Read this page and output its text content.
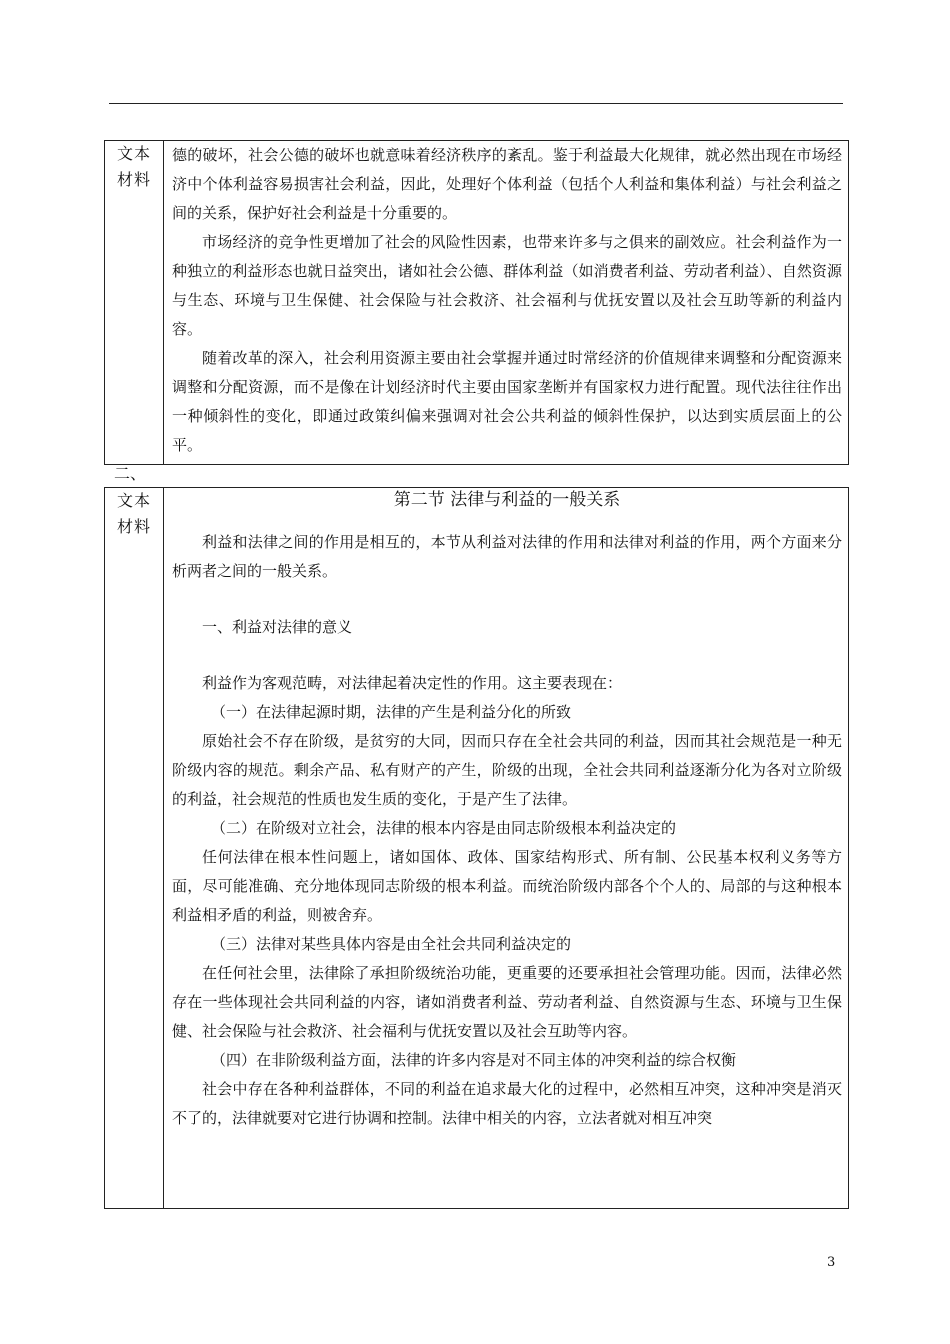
文本材料	

德的破坏，社会公德的破坏也就意味着经济秩序的紊乱。鉴于利益最大化规律，就必然出现在市场经济中个体利益容易损害社会利益，因此，处理好个体利益（包括个人利益和集体利益）与社会利益之间的关系，保护好社会利益是十分重要的。

市场经济的竞争性更增加了社会的风险性因素，也带来许多与之俱来的副效应。社会利益作为一种独立的利益形态也就日益突出，诸如社会公德、群体利益（如消费者利益、劳动者利益）、自然资源与生态、环境与卫生保健、社会保险与社会救济、社会福利与优抚安置以及社会互助等新的利益内容。

随着改革的深入，社会利用资源主要由社会掌握并通过时常经济的价值规律来调整和分配资源来调整和分配资源，而不是像在计划经济时代主要由国家垄断并有国家权力进行配置。现代法往往作出一种倾斜性的变化，即通过政策纠偏来强调对社会公共利益的倾斜性保护，以达到实质层面上的公平。

二、
文本材料	

第二节 法律与利益的一般关系

利益和法律之间的作用是相互的，本节从利益对法律的作用和法律对利益的作用，两个方面来分析两者之间的一般关系。

一、利益对法律的意义

利益作为客观范畴，对法律起着决定性的作用。这主要表现在：

（一）在法律起源时期，法律的产生是利益分化的所致

原始社会不存在阶级，是贫穷的大同，因而只存在全社会共同的利益，因而其社会规范是一种无阶级内容的规范。剩余产品、私有财产的产生，阶级的出现，全社会共同利益逐渐分化为各对立阶级的利益，社会规范的性质也发生质的变化，于是产生了法律。

（二）在阶级对立社会，法律的根本内容是由同志阶级根本利益决定的

任何法律在根本性问题上，诸如国体、政体、国家结构形式、所有制、公民基本权利义务等方面，尽可能准确、充分地体现同志阶级的根本利益。而统治阶级内部各个个人的、局部的与这种根本利益相矛盾的利益，则被舍弃。

（三）法律对某些具体内容是由全社会共同利益决定的

在任何社会里，法律除了承担阶级统治功能，更重要的还要承担社会管理功能。因而，法律必然存在一些体现社会共同利益的内容，诸如消费者利益、劳动者利益、自然资源与生态、环境与卫生保健、社会保险与社会救济、社会福利与优抚安置以及社会互助等内容。

（四）在非阶级利益方面，法律的许多内容是对不同主体的冲突利益的综合权衡

社会中存在各种利益群体，不同的利益在追求最大化的过程中，必然相互冲突，这种冲突是消灭不了的，法律就要对它进行协调和控制。法律中相关的内容，立法者就对相互冲突

3
